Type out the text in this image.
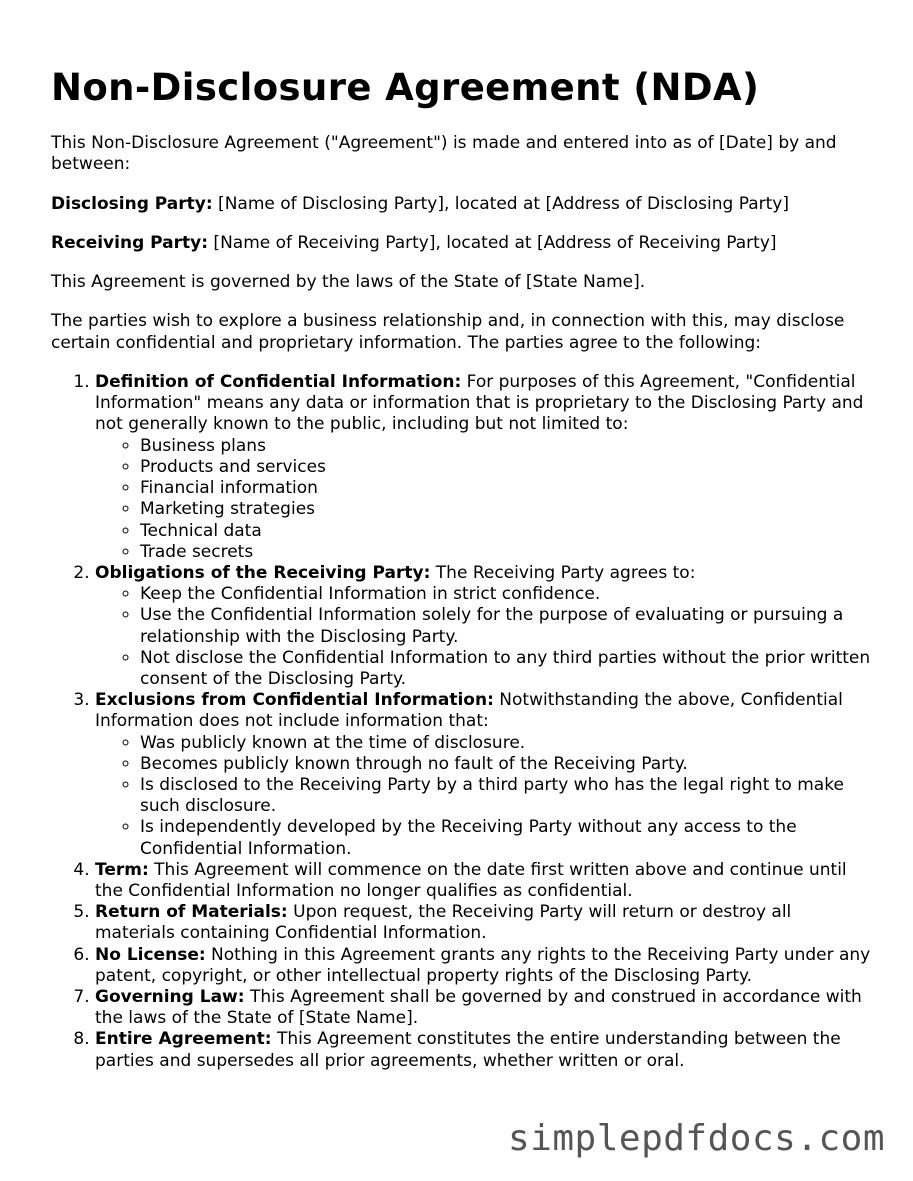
Non-Disclosure Agreement (NDA)

This Non-Disclosure Agreement ("Agreement") is made and entered into as of [Date] by and between:

Disclosing Party: [Name of Disclosing Party], located at [Address of Disclosing Party]

Receiving Party: [Name of Receiving Party], located at [Address of Receiving Party]

This Agreement is governed by the laws of the State of [State Name].

The parties wish to explore a business relationship and, in connection with this, may disclose certain confidential and proprietary information. The parties agree to the following:

1. Definition of Confidential Information: For purposes of this Agreement, "Confidential Information" means any data or information that is proprietary to the Disclosing Party and not generally known to the public, including but not limited to:
◦ Business plans
◦ Products and services
◦ Financial information
◦ Marketing strategies
◦ Technical data
◦ Trade secrets
2. Obligations of the Receiving Party: The Receiving Party agrees to:
◦ Keep the Confidential Information in strict confidence.
◦ Use the Confidential Information solely for the purpose of evaluating or pursuing a relationship with the Disclosing Party.
◦ Not disclose the Confidential Information to any third parties without the prior written consent of the Disclosing Party.
3. Exclusions from Confidential Information: Notwithstanding the above, Confidential Information does not include information that:
◦ Was publicly known at the time of disclosure.
◦ Becomes publicly known through no fault of the Receiving Party.
◦ Is disclosed to the Receiving Party by a third party who has the legal right to make such disclosure.
◦ Is independently developed by the Receiving Party without any access to the Confidential Information.
4. Term: This Agreement will commence on the date first written above and continue until the Confidential Information no longer qualifies as confidential.
5. Return of Materials: Upon request, the Receiving Party will return or destroy all materials containing Confidential Information.
6. No License: Nothing in this Agreement grants any rights to the Receiving Party under any patent, copyright, or other intellectual property rights of the Disclosing Party.
7. Governing Law: This Agreement shall be governed by and construed in accordance with the laws of the State of [State Name].
8. Entire Agreement: This Agreement constitutes the entire understanding between the parties and supersedes all prior agreements, whether written or oral.
simplepdfdocs.com
